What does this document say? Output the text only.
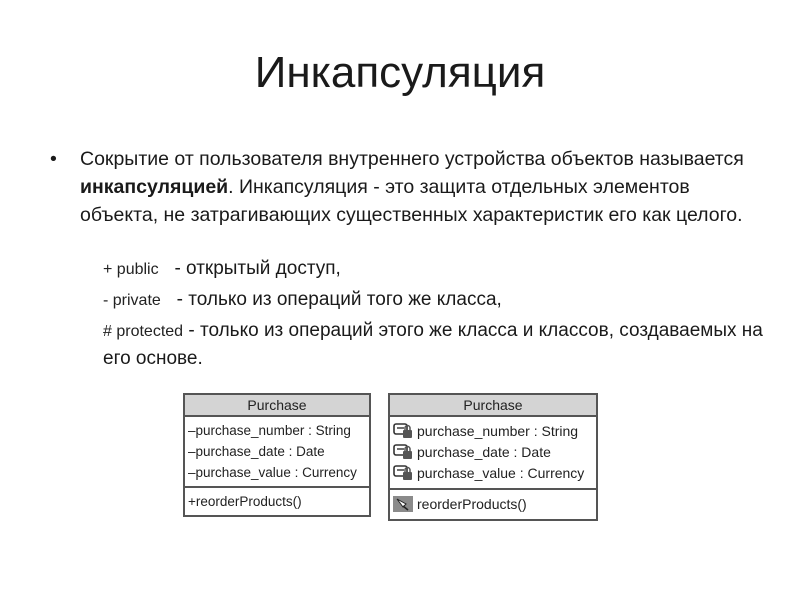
Инкапсуляция
• Сокрытие от пользователя внутреннего устройства объектов называется инкапсуляцией. Инкапсуляция - это защита отдельных элементов объекта, не затрагивающих существенных характеристик его как целого.
+ public - открытый доступ,
- private - только из операций того же класса,
# protected - только из операций этого же класса и классов, создаваемых на его основе.
Purchase
–purchase_number : String
–purchase_date : Date
–purchase_value : Currency
+reorderProducts()
Purchase
purchase_number : String
purchase_date : Date
purchase_value : Currency
reorderProducts()
